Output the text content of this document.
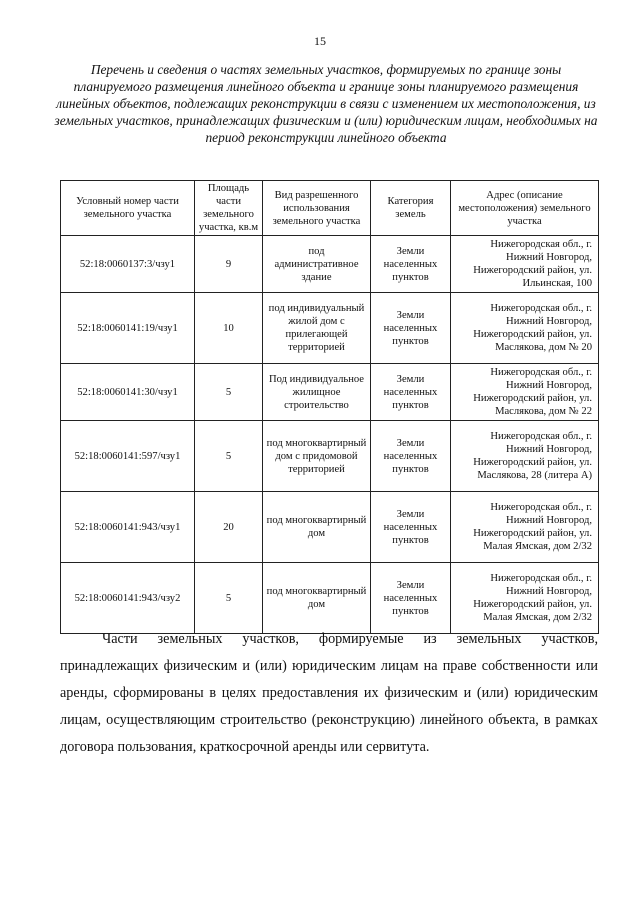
15
Перечень и сведения о частях земельных участков, формируемых по границе зоны планируемого размещения линейного объекта и границе зоны планируемого размещения линейных объектов, подлежащих реконструкции в связи с изменением их местоположения, из земельных участков, принадлежащих физическим и (или) юридическим лицам, необходимых на период реконструкции линейного объекта
Условный номер части земельного участка	Площадь части земельного участка, кв.м	Вид разрешенного использования земельного участка	Категория земель	Адрес (описание местоположения) земельного участка
52:18:0060137:3/чзу1	9	под административное здание	Земли населенных пунктов	Нижегородская обл., г. Нижний Новгород, Нижегородский район, ул. Ильинская, 100
52:18:0060141:19/чзу1	10	под индивидуальный жилой дом с прилегающей территорией	Земли населенных пунктов	Нижегородская обл., г. Нижний Новгород, Нижегородский район, ул. Маслякова, дом № 20
52:18:0060141:30/чзу1	5	Под индивидуальное жилищное строительство	Земли населенных пунктов	Нижегородская обл., г. Нижний Новгород, Нижегородский район, ул. Маслякова, дом № 22
52:18:0060141:597/чзу1	5	под многоквартирный дом с придомовой территорией	Земли населенных пунктов	Нижегородская обл., г. Нижний Новгород, Нижегородский район, ул. Маслякова, 28 (литера А)
52:18:0060141:943/чзу1	20	под многоквартирный дом	Земли населенных пунктов	Нижегородская обл., г. Нижний Новгород, Нижегородский район, ул. Малая Ямская, дом 2/32
52:18:0060141:943/чзу2	5	под многоквартирный дом	Земли населенных пунктов	Нижегородская обл., г. Нижний Новгород, Нижегородский район, ул. Малая Ямская, дом 2/32
Части земельных участков, формируемые из земельных участков, принадлежащих физическим и (или) юридическим лицам на праве собственности или аренды, сформированы в целях предоставления их физическим и (или) юридическим лицам, осуществляющим строительство (реконструкцию) линейного объекта, в рамках договора пользования, краткосрочной аренды или сервитута.
